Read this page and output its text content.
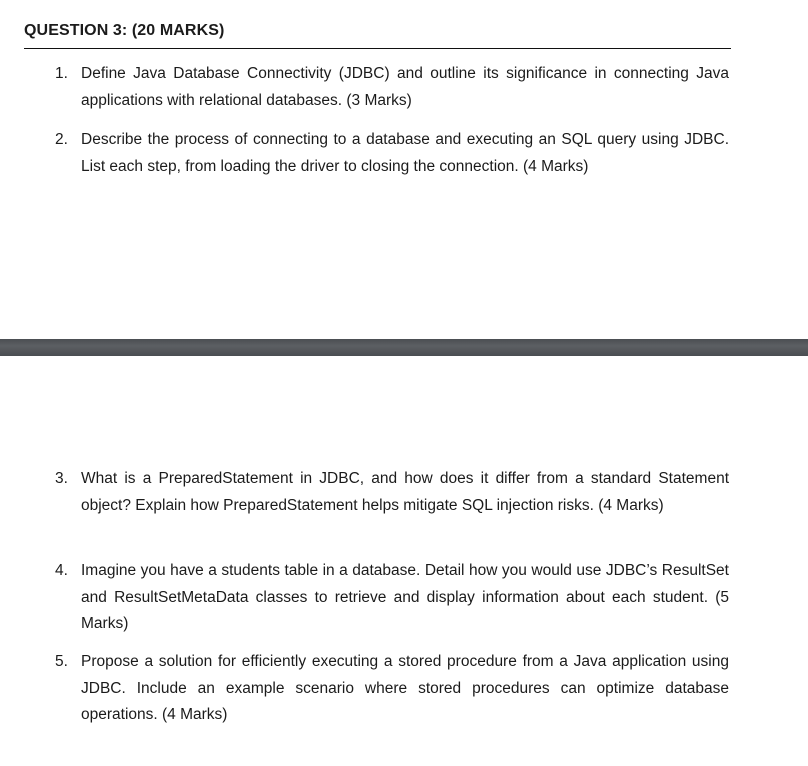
QUESTION 3: (20 MARKS)
1. Define Java Database Connectivity (JDBC) and outline its significance in connecting Java applications with relational databases. (3 Marks)
2. Describe the process of connecting to a database and executing an SQL query using JDBC. List each step, from loading the driver to closing the connection. (4 Marks)
3. What is a PreparedStatement in JDBC, and how does it differ from a standard Statement object? Explain how PreparedStatement helps mitigate SQL injection risks. (4 Marks)
4. Imagine you have a students table in a database. Detail how you would use JDBC’s ResultSet and ResultSetMetaData classes to retrieve and display information about each student. (5 Marks)
5. Propose a solution for efficiently executing a stored procedure from a Java application using JDBC. Include an example scenario where stored procedures can optimize database operations. (4 Marks)
